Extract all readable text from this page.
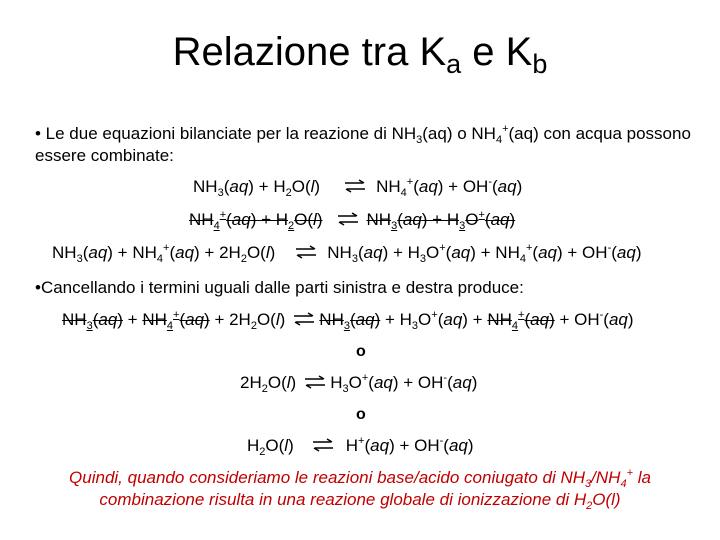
Relazione tra $K_a$ e $K_b$
• Le due equazioni bilanciate per la reazione di $NH_3(aq)$ o $NH_4^+(aq)$ con acqua possono essere combinate:
$NH_3(aq) + H_2O(l)$ ⇌ $NH_4^+(aq) + OH^-(aq)$
$NH_4^+(aq) + H_2O(l)$ ⇌ $NH_3(aq) + H_3O^+(aq)$
$NH_3(aq) + NH_4^+(aq) + 2H_2O(l)$ ⇌ $NH_3(aq) + H_3O^+(aq) + NH_4^+(aq) + OH^-(aq)$
•Cancellando i termini uguali dalle parti sinistra e destra produce:
$NH_3(aq) + NH_4^+(aq) + 2H_2O(l)$ ⇌ $NH_3(aq) + H_3O^+(aq) + NH_4^+(aq) + OH^-(aq)$
o
$2H_2O(l)$ ⇌ $H_3O^+(aq) + OH^-(aq)$
o
$H_2O(l)$ ⇌ H+(aq) + OH-(aq)
Quindi, quando consideriamo le reazioni base/acido coniugato di $NH_3/NH_4^+$ la combinazione risulta in una reazione globale di ionizzazione di $H_2O(l)$
